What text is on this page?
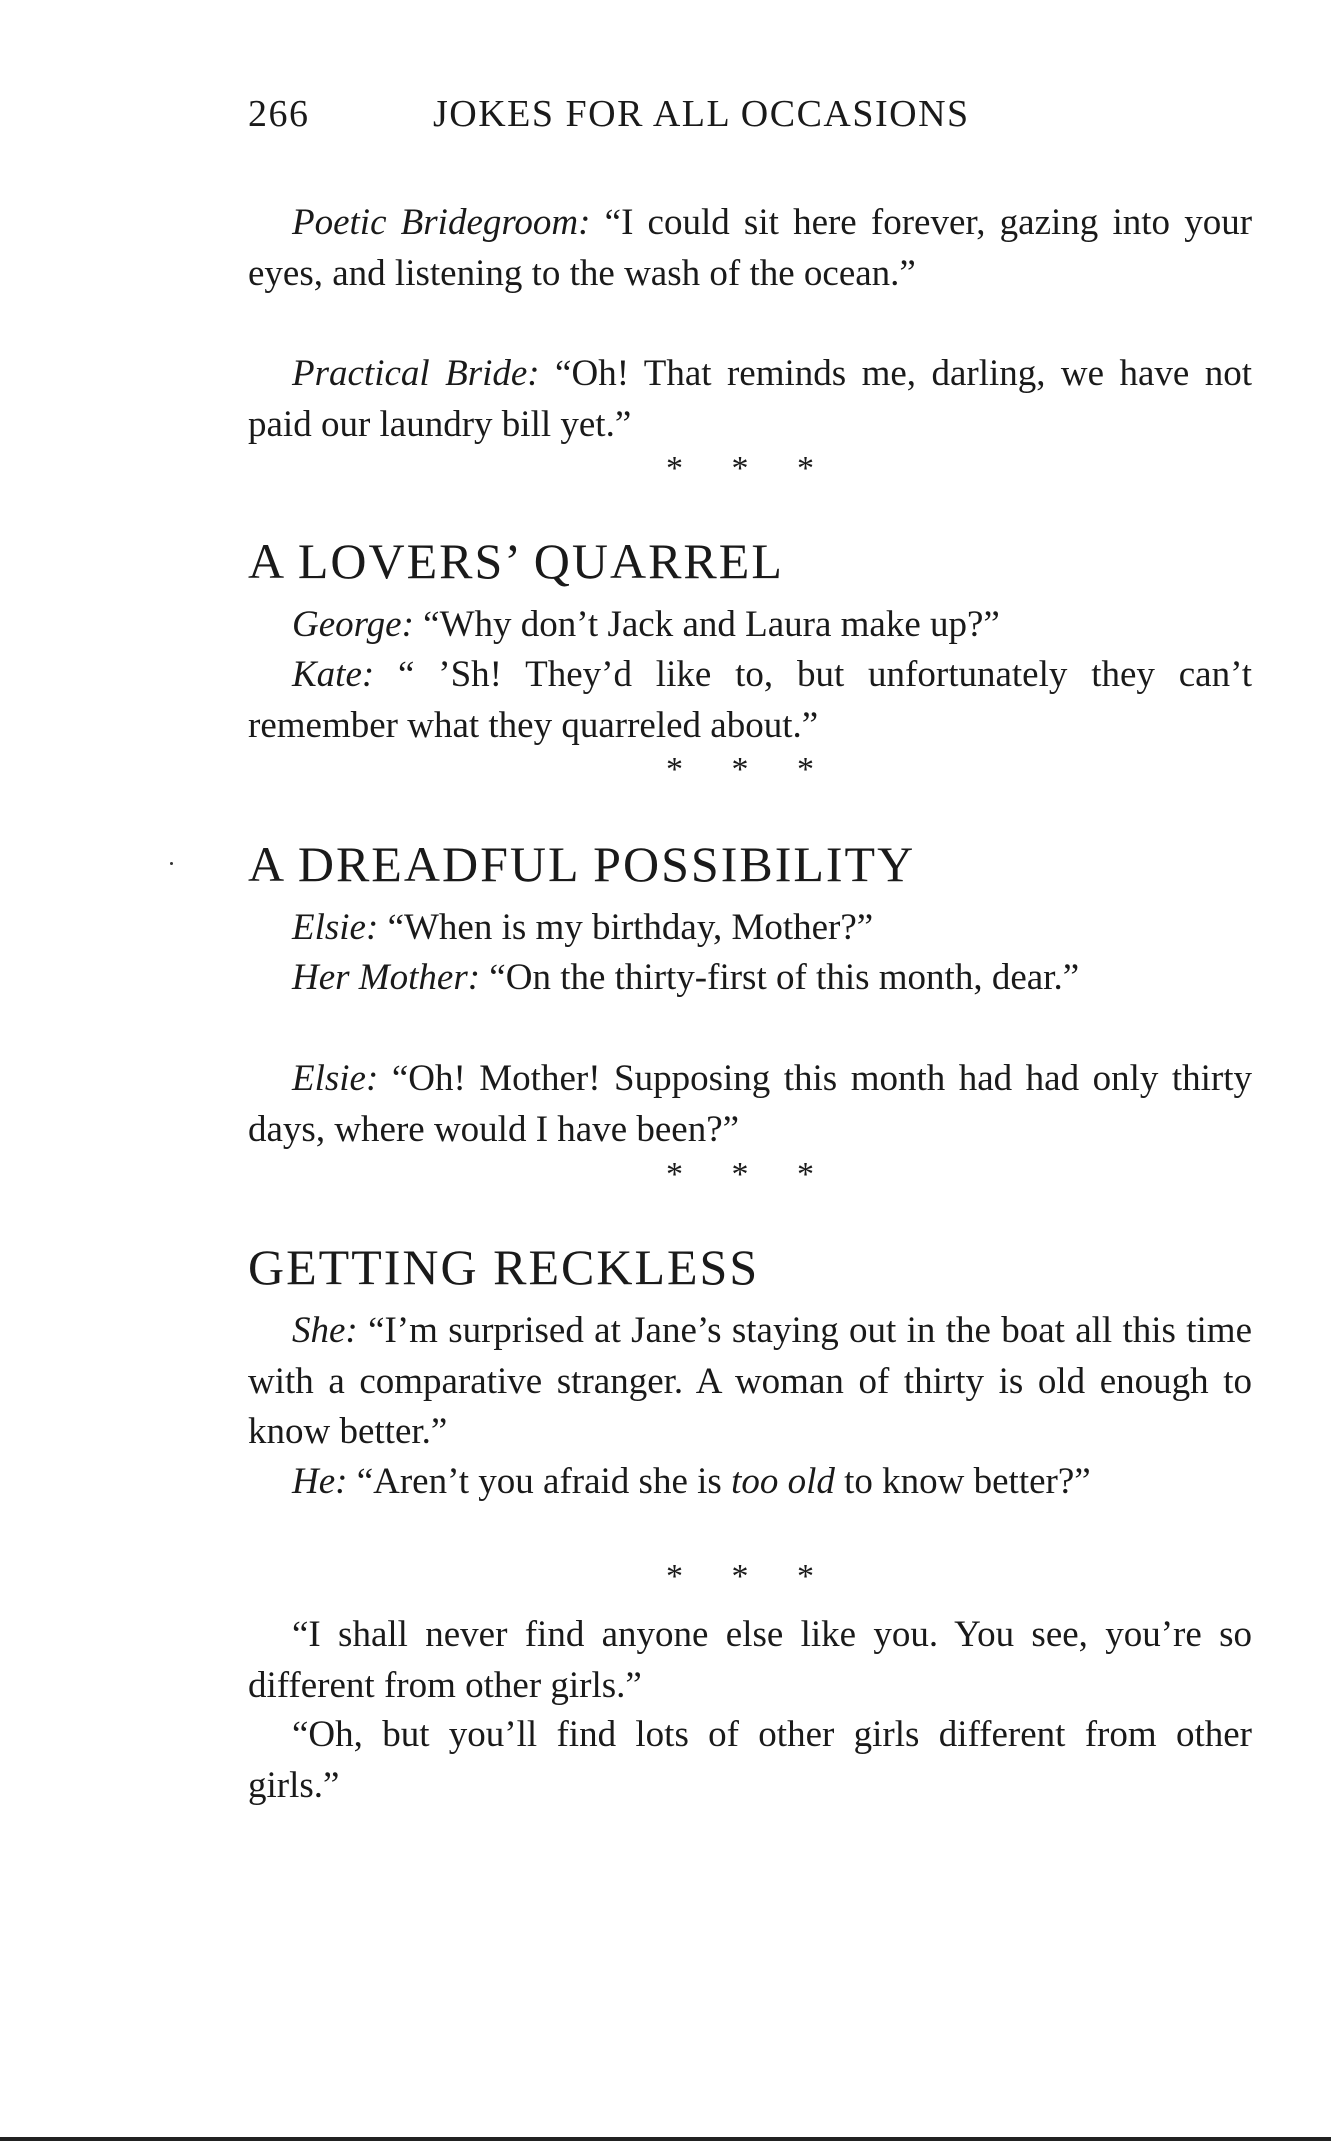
266	JOKES FOR ALL OCCASIONS

Poetic Bridegroom: “I could sit here forever, gazing into your eyes, and listening to the wash of the ocean.”

Practical Bride: “Oh! That reminds me, darling, we have not paid our laundry bill yet.”

* * *
A LOVERS’ QUARREL

George: “Why don’t Jack and Laura make up?”

Kate: “ ’Sh! They’d like to, but unfortunately they can’t remember what they quarreled about.”

* * *
A DREADFUL POSSIBILITY

Elsie: “When is my birthday, Mother?”

Her Mother: “On the thirty-first of this month, dear.”

Elsie: “Oh! Mother! Supposing this month had had only thirty days, where would I have been?”

* * *
GETTING RECKLESS

She: “I’m surprised at Jane’s staying out in the boat all this time with a comparative stranger. A woman of thirty is old enough to know better.”

He: “Aren’t you afraid she is too old to know better?”

* * *

“I shall never find anyone else like you. You see, you’re so different from other girls.”

“Oh, but you’ll find lots of other girls different from other girls.”
